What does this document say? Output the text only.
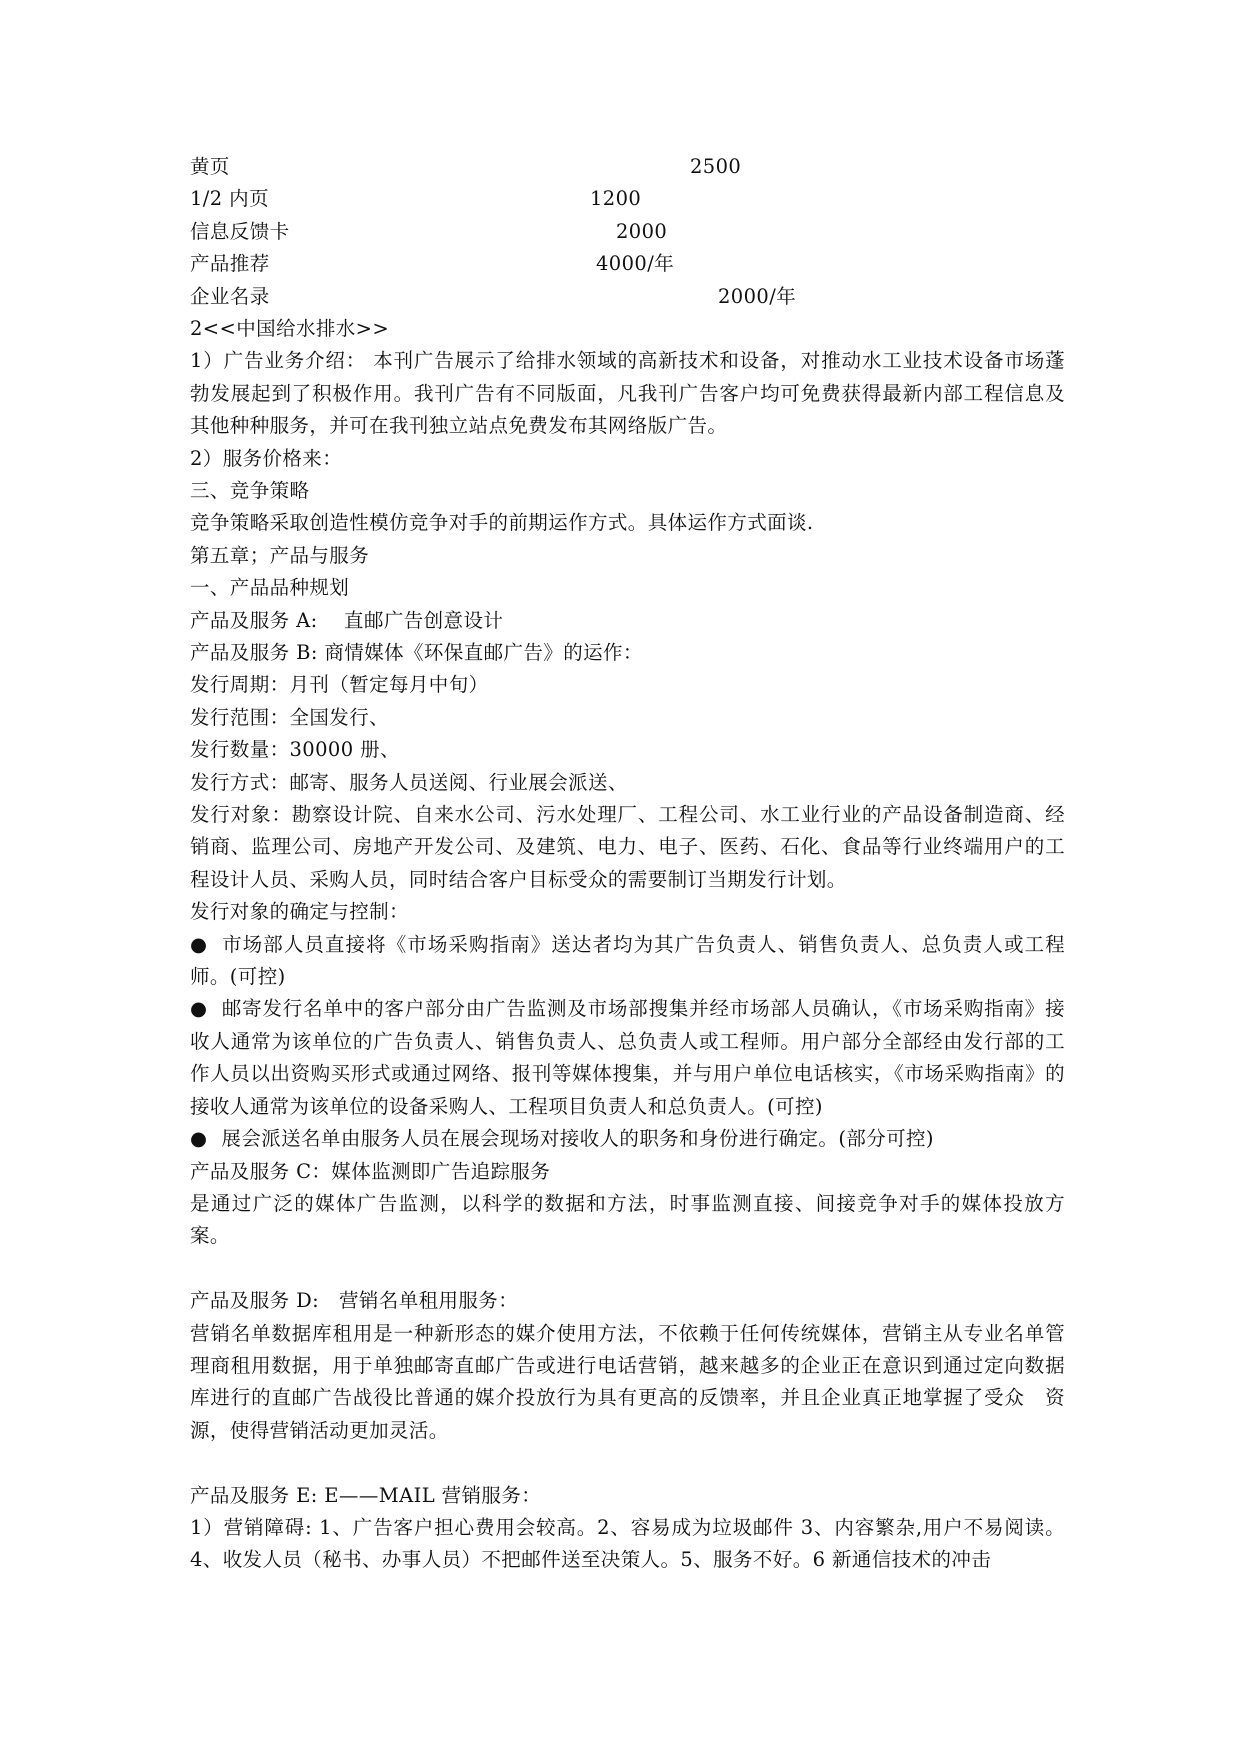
黄页	2500
1/2 内页	1200
信息反馈卡	2000
产品推荐	4000/年
企业名录	2000/年
2<<中国给水排水>>
1）广告业务介绍： 本刊广告展示了给排水领域的高新技术和设备，对推动水工业技术设备市场蓬勃发展起到了积极作用。我刊广告有不同版面，凡我刊广告客户均可免费获得最新内部工程信息及其他种种服务，并可在我刊独立站点免费发布其网络版广告。
2）服务价格来：
三、竞争策略
竞争策略采取创造性模仿竞争对手的前期运作方式。具体运作方式面谈.
第五章；产品与服务
一、产品品种规划
产品及服务 A:　 直邮广告创意设计
产品及服务 B: 商情媒体《环保直邮广告》的运作：
发行周期：月刊（暂定每月中旬）
发行范围：全国发行、
发行数量：30000 册、
发行方式：邮寄、服务人员送阅、行业展会派送、
发行对象：勘察设计院、自来水公司、污水处理厂、工程公司、水工业行业的产品设备制造商、经销商、监理公司、房地产开发公司、及建筑、电力、电子、医药、石化、食品等行业终端用户的工程设计人员、采购人员，同时结合客户目标受众的需要制订当期发行计划。
发行对象的确定与控制：
● 市场部人员直接将《市场采购指南》送达者均为其广告负责人、销售负责人、总负责人或工程师。(可控)
● 邮寄发行名单中的客户部分由广告监测及市场部搜集并经市场部人员确认，《市场采购指南》接收人通常为该单位的广告负责人、销售负责人、总负责人或工程师。用户部分全部经由发行部的工作人员以出资购买形式或通过网络、报刊等媒体搜集，并与用户单位电话核实，《市场采购指南》的接收人通常为该单位的设备采购人、工程项目负责人和总负责人。(可控)
● 展会派送名单由服务人员在展会现场对接收人的职务和身份进行确定。(部分可控)
产品及服务 C：媒体监测即广告追踪服务
是通过广泛的媒体广告监测，以科学的数据和方法，时事监测直接、间接竞争对手的媒体投放方案。
产品及服务 D:　营销名单租用服务：
营销名单数据库租用是一种新形态的媒介使用方法，不依赖于任何传统媒体，营销主从专业名单管理商租用数据，用于单独邮寄直邮广告或进行电话营销，越来越多的企业正在意识到通过定向数据库进行的直邮广告战役比普通的媒介投放行为具有更高的反馈率，并且企业真正地掌握了受众　资源，使得营销活动更加灵活。
产品及服务 E: E——MAIL 营销服务：
1）营销障碍: 1、广告客户担心费用会较高。2、容易成为垃圾邮件 3、内容繁杂,用户不易阅读。4、收发人员（秘书、办事人员）不把邮件送至决策人。5、服务不好。6 新通信技术的冲击
